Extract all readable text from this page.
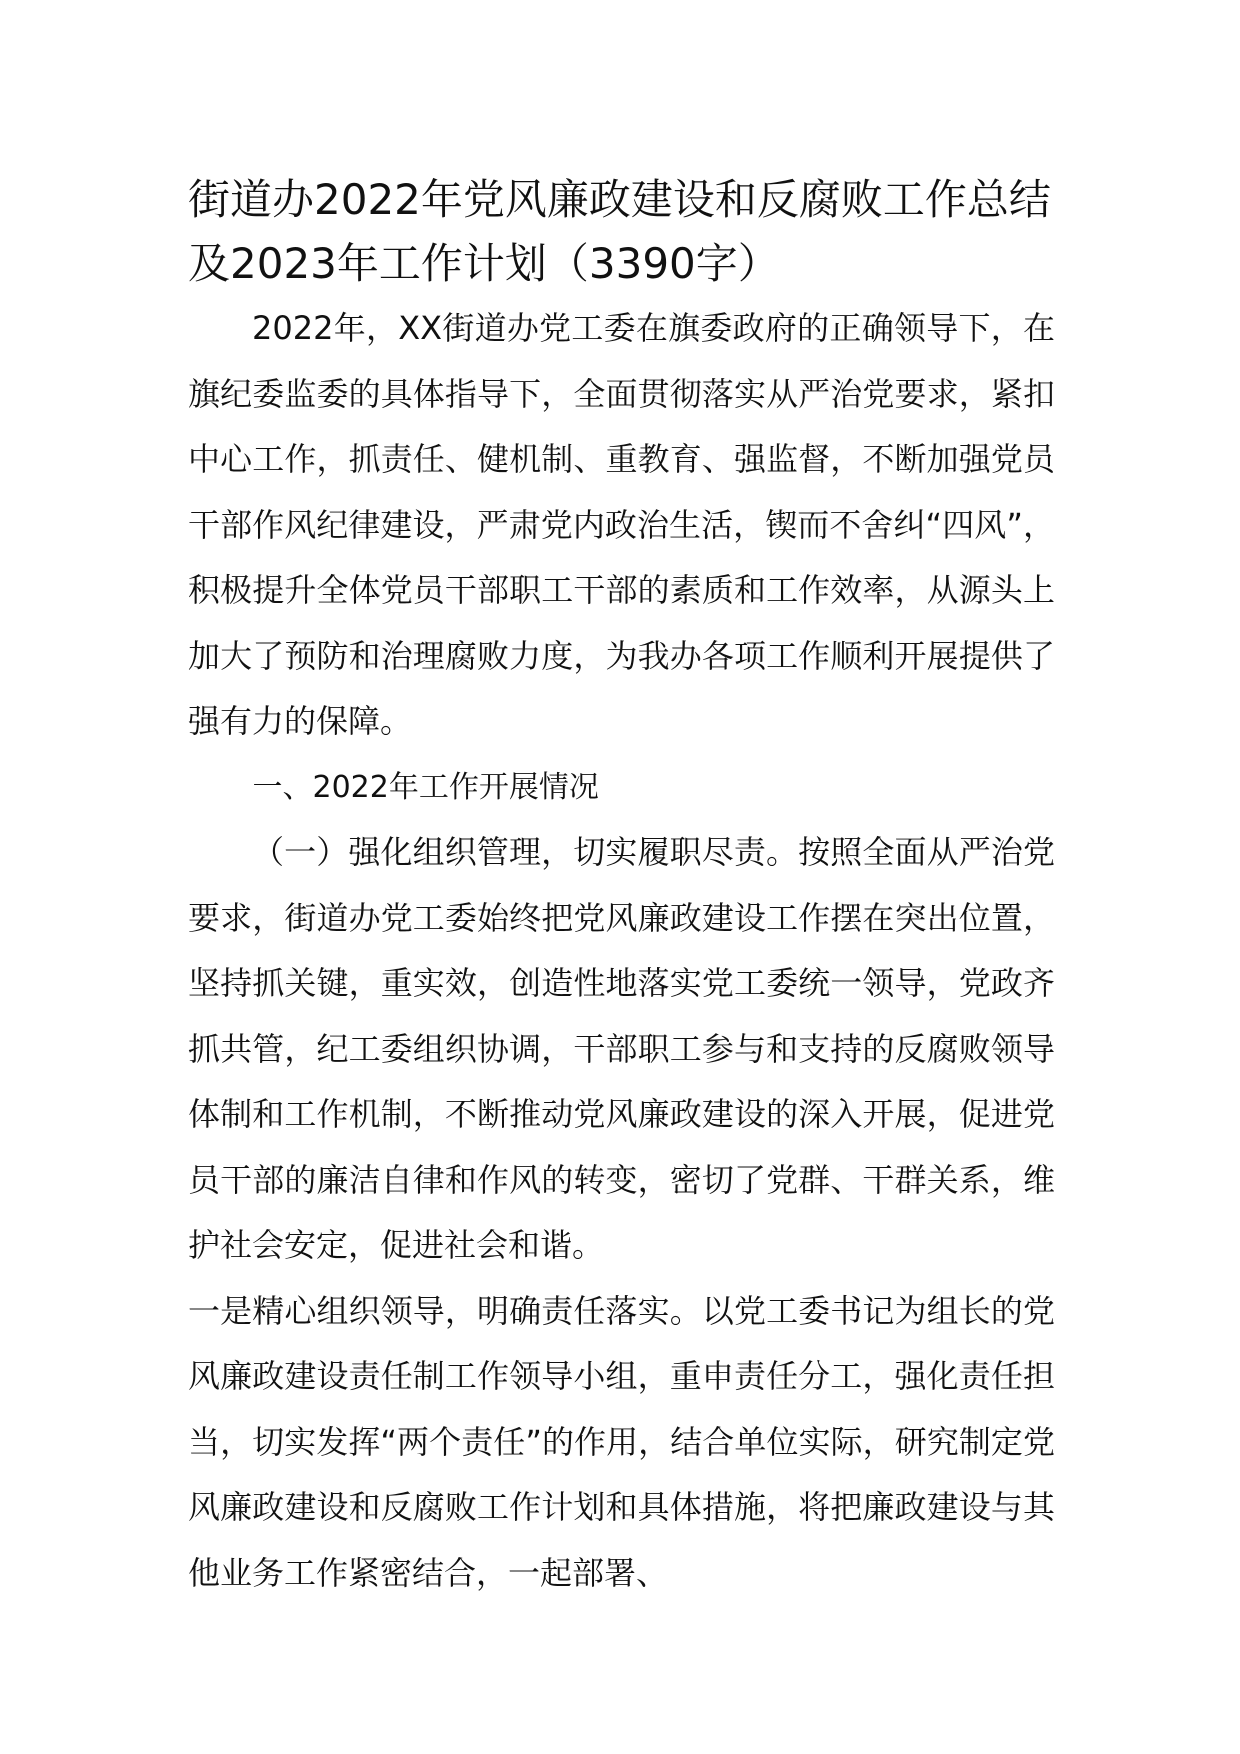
街道办2022年党风廉政建设和反腐败工作总结及2023年工作计划（3390字）

2022年，XX街道办党工委在旗委政府的正确领导下，在旗纪委监委的具体指导下，全面贯彻落实从严治党要求，紧扣中心工作，抓责任、健机制、重教育、强监督，不断加强党员干部作风纪律建设，严肃党内政治生活，锲而不舍纠“四风”，积极提升全体党员干部职工干部的素质和工作效率，从源头上加大了预防和治理腐败力度，为我办各项工作顺利开展提供了强有力的保障。

一、2022年工作开展情况

（一）强化组织管理，切实履职尽责。按照全面从严治党要求，街道办党工委始终把党风廉政建设工作摆在突出位置，坚持抓关键，重实效，创造性地落实党工委统一领导，党政齐抓共管，纪工委组织协调，干部职工参与和支持的反腐败领导体制和工作机制，不断推动党风廉政建设的深入开展，促进党员干部的廉洁自律和作风的转变，密切了党群、干群关系，维护社会安定，促进社会和谐。

一是精心组织领导，明确责任落实。以党工委书记为组长的党风廉政建设责任制工作领导小组，重申责任分工，强化责任担当，切实发挥“两个责任”的作用，结合单位实际，研究制定党风廉政建设和反腐败工作计划和具体措施，将把廉政建设与其他业务工作紧密结合，一起部署、
